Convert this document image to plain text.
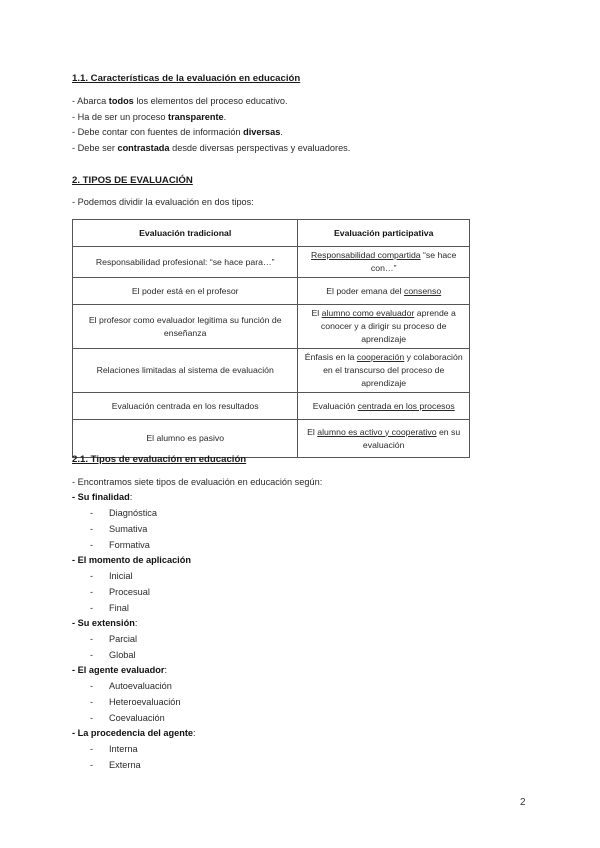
1.1. Características de la evaluación en educación
- Abarca todos los elementos del proceso educativo.
- Ha de ser un proceso transparente.
- Debe contar con fuentes de información diversas.
- Debe ser contrastada desde diversas perspectivas y evaluadores.
2. TIPOS DE EVALUACIÓN
- Podemos dividir la evaluación en dos tipos:
Evaluación tradicional	Evaluación participativa
Responsabilidad profesional: “se hace para…”	Responsabilidad compartida “se hace con…”
El poder está en el profesor	El poder emana del consenso
El profesor como evaluador legitima su función de enseñanza	El alumno como evaluador aprende a conocer y a dirigir su proceso de aprendizaje
Relaciones limitadas al sistema de evaluación	Énfasis en la cooperación y colaboración en el transcurso del proceso de aprendizaje
Evaluación centrada en los resultados	Evaluación centrada en los procesos
El alumno es pasivo	El alumno es activo y cooperativo en su evaluación
2.1. Tipos de evaluación en educación
- Encontramos siete tipos de evaluación en educación según:
- Su finalidad:
- Diagnóstica
- Sumativa
- Formativa
- El momento de aplicación
- Inicial
- Procesual
- Final
- Su extensión:
- Parcial
- Global
- El agente evaluador:
- Autoevaluación
- Heteroevaluación
- Coevaluación
- La procedencia del agente:
- Interna
- Externa
2
